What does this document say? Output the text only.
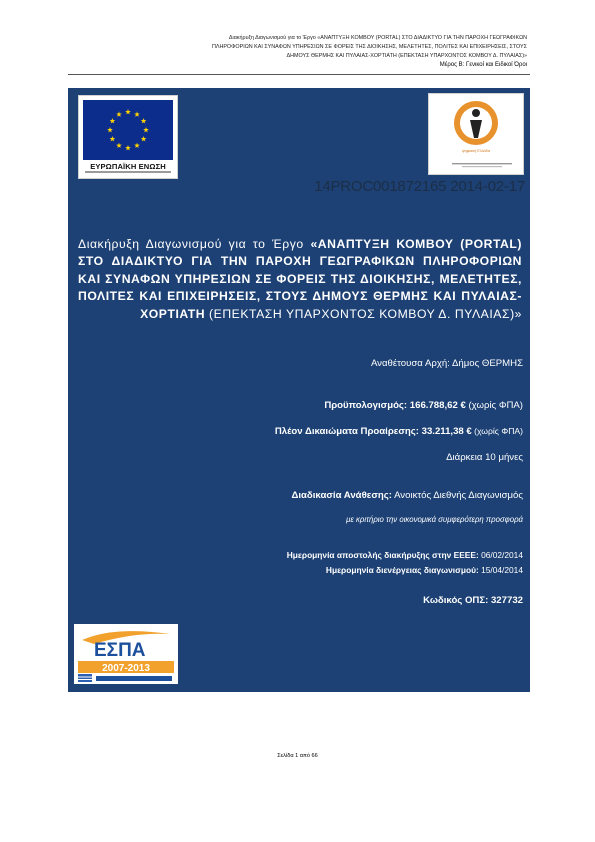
Διακήρυξη Διαγωνισμού για το Έργο «ΑΝΑΠΤΥΞΗ ΚΟΜΒΟΥ (PORTAL) ΣΤΟ ΔΙΑΔΙΚΤΥΟ ΓΙΑ ΤΗΝ ΠΑΡΟΧΗ ΓΕΩΓΡΑΦΙΚΩΝ
ΠΛΗΡΟΦΟΡΙΩΝ ΚΑΙ ΣΥΝΑΦΩΝ ΥΠΗΡΕΣΙΩΝ ΣΕ ΦΟΡΕΙΣ ΤΗΣ ΔΙΟΙΚΗΣΗΣ, ΜΕΛΕΤΗΤΕΣ, ΠΟΛΙΤΕΣ ΚΑΙ ΕΠΙΧΕΙΡΗΣΕΙΣ, ΣΤΟΥΣ
ΔΗΜΟΥΣ ΘΕΡΜΗΣ ΚΑΙ ΠΥΛΑΙΑΣ-ΧΟΡΤΙΑΤΗ (ΕΠΕΚΤΑΣΗ ΥΠΑΡΧΟΝΤΟΣ ΚΟΜΒΟΥ Δ. ΠΥΛΑΙΑΣ)»
Μέρος Β: Γενικοί και Ειδικοί Όροι
ΕΥΡΩΠΑΪΚΗ ΕΝΩΣΗ
ψηφιακή Ελλάδα
ΕΣΠΑ
2007-2013
14PROC001872165 2014-02-17
Διακήρυξη Διαγωνισμού για το Έργο «ΑΝΑΠΤΥΞΗ ΚΟΜΒΟΥ (PORTAL) ΣΤΟ ΔΙΑΔΙΚΤΥΟ ΓΙΑ ΤΗΝ ΠΑΡΟΧΗ ΓΕΩΓΡΑΦΙΚΩΝ ΠΛΗΡΟΦΟΡΙΩΝ ΚΑΙ ΣΥΝΑΦΩΝ ΥΠΗΡΕΣΙΩΝ ΣΕ ΦΟΡΕΙΣ ΤΗΣ ΔΙΟΙΚΗΣΗΣ, ΜΕΛΕΤΗΤΕΣ, ΠΟΛΙΤΕΣ ΚΑΙ ΕΠΙΧΕΙΡΗΣΕΙΣ, ΣΤΟΥΣ ΔΗΜΟΥΣ ΘΕΡΜΗΣ ΚΑΙ ΠΥΛΑΙΑΣ-ΧΟΡΤΙΑΤΗ (ΕΠΕΚΤΑΣΗ ΥΠΑΡΧΟΝΤΟΣ ΚΟΜΒΟΥ Δ. ΠΥΛΑΙΑΣ)»
Αναθέτουσα Αρχή: Δήμος ΘΕΡΜΗΣ
Προϋπολογισμός: 166.788,62 € (χωρίς ΦΠΑ)
Πλέον Δικαιώματα Προαίρεσης: 33.211,38 € (χωρίς ΦΠΑ)
Διάρκεια 10 μήνες
Διαδικασία Ανάθεσης: Ανοικτός Διεθνής Διαγωνισμός
με κριτήριο την οικονομικά συμφερότερη προσφορά
Ημερομηνία αποστολής διακήρυξης στην ΕΕΕΕ: 06/02/2014
Ημερομηνία διενέργειας διαγωνισμού: 15/04/2014
Κωδικός ΟΠΣ: 327732
Σελίδα 1 από 66
